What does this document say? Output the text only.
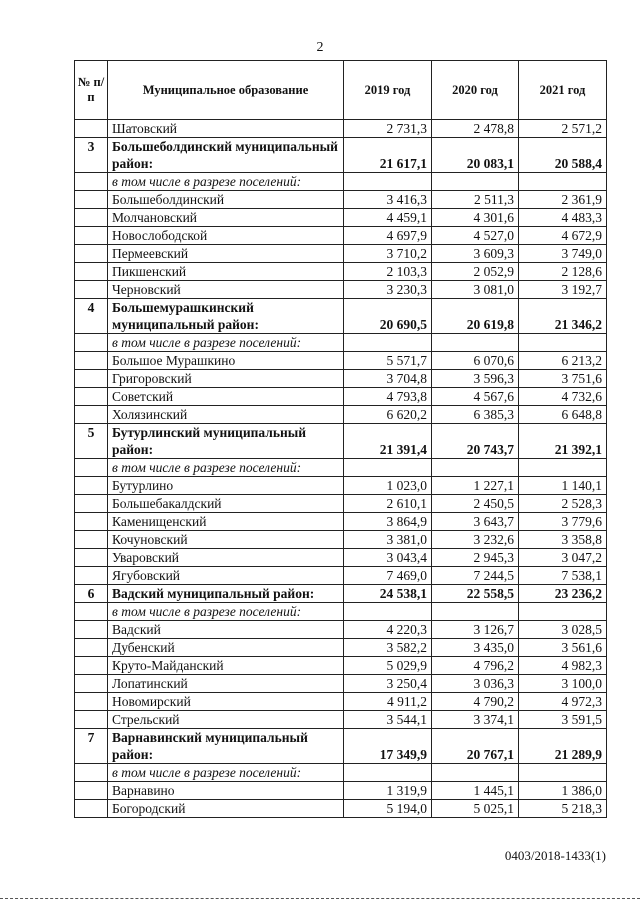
2
№ п/п	Муниципальное образование	2019 год	2020 год	2021 год
	Шатовский	2 731,3	2 478,8	2 571,2
3	Большеболдинский муниципальный район:	21 617,1	20 083,1	20 588,4
	в том числе в разрезе поселений:			
	Большеболдинский	3 416,3	2 511,3	2 361,9
	Молчановский	4 459,1	4 301,6	4 483,3
	Новослободской	4 697,9	4 527,0	4 672,9
	Пермеевский	3 710,2	3 609,3	3 749,0
	Пикшенский	2 103,3	2 052,9	2 128,6
	Черновский	3 230,3	3 081,0	3 192,7
4	Большемурашкинский муниципальный район:	20 690,5	20 619,8	21 346,2
	в том числе в разрезе поселений:			
	Большое Мурашкино	5 571,7	6 070,6	6 213,2
	Григоровский	3 704,8	3 596,3	3 751,6
	Советский	4 793,8	4 567,6	4 732,6
	Холязинский	6 620,2	6 385,3	6 648,8
5	Бутурлинский муниципальный район:	21 391,4	20 743,7	21 392,1
	в том числе в разрезе поселений:			
	Бутурлино	1 023,0	1 227,1	1 140,1
	Большебакалдский	2 610,1	2 450,5	2 528,3
	Каменищенский	3 864,9	3 643,7	3 779,6
	Кочуновский	3 381,0	3 232,6	3 358,8
	Уваровский	3 043,4	2 945,3	3 047,2
	Ягубовский	7 469,0	7 244,5	7 538,1
6	Вадский муниципальный район:	24 538,1	22 558,5	23 236,2
	в том числе в разрезе поселений:			
	Вадский	4 220,3	3 126,7	3 028,5
	Дубенский	3 582,2	3 435,0	3 561,6
	Круто-Майданский	5 029,9	4 796,2	4 982,3
	Лопатинский	3 250,4	3 036,3	3 100,0
	Новомирский	4 911,2	4 790,2	4 972,3
	Стрельский	3 544,1	3 374,1	3 591,5
7	Варнавинский муниципальный район:	17 349,9	20 767,1	21 289,9
	в том числе в разрезе поселений:			
	Варнавино	1 319,9	1 445,1	1 386,0
	Богородский	5 194,0	5 025,1	5 218,3
0403/2018-1433(1)
